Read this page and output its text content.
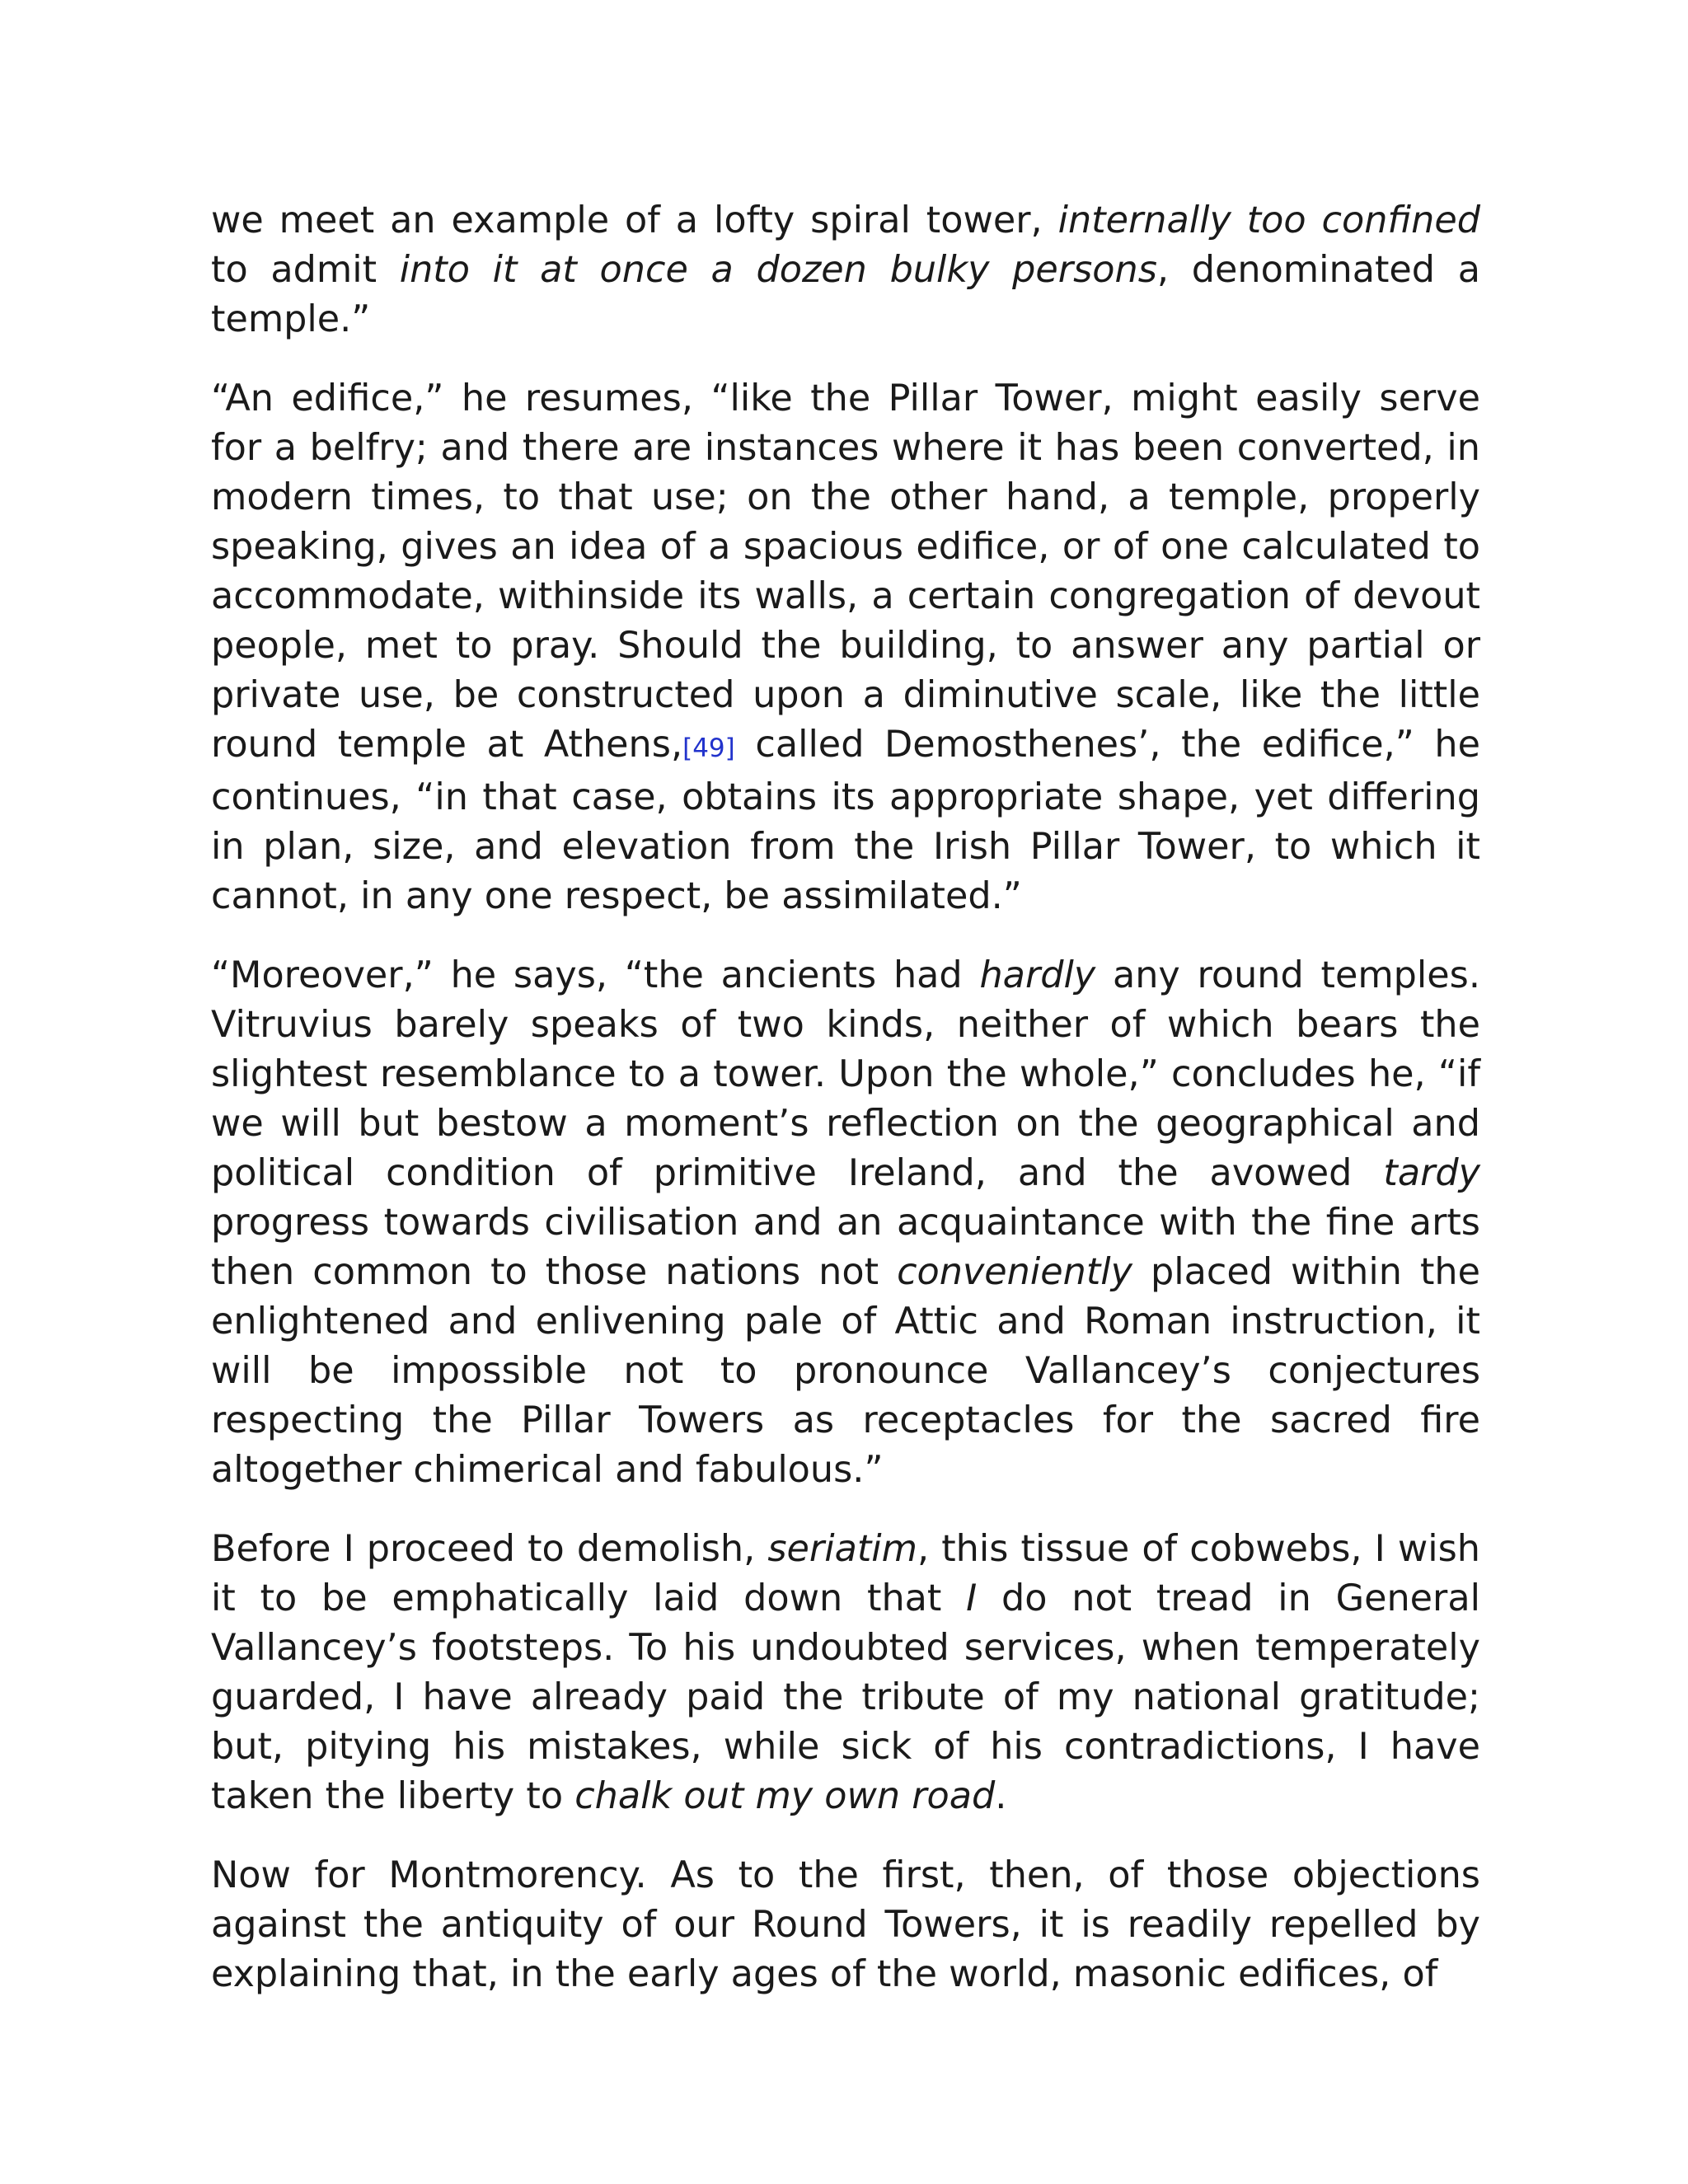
we meet an example of a lofty spiral tower, internally too confined to admit into it at once a dozen bulky persons, denominated a temple.”

“An edifice,” he resumes, “like the Pillar Tower, might easily serve for a belfry; and there are instances where it has been converted, in modern times, to that use; on the other hand, a temple, properly speaking, gives an idea of a spacious edifice, or of one calculated to accommodate, withinside its walls, a certain congregation of devout people, met to pray. Should the building, to answer any partial or private use, be constructed upon a diminutive scale, like the little round temple at Athens,[49] called Demosthenes’, the edifice,” he continues, “in that case, obtains its appropriate shape, yet differing in plan, size, and elevation from the Irish Pillar Tower, to which it cannot, in any one respect, be assimilated.”

“Moreover,” he says, “the ancients had hardly any round temples. Vitruvius barely speaks of two kinds, neither of which bears the slightest resemblance to a tower. Upon the whole,” concludes he, “if we will but bestow a moment’s reflection on the geographical and political condition of primitive Ireland, and the avowed tardy progress towards civilisation and an acquaintance with the fine arts then common to those nations not conveniently placed within the enlightened and enlivening pale of Attic and Roman instruction, it will be impossible not to pronounce Vallancey’s conjectures respecting the Pillar Towers as receptacles for the sacred fire altogether chimerical and fabulous.”

Before I proceed to demolish, seriatim, this tissue of cobwebs, I wish it to be emphatically laid down that I do not tread in General Vallancey’s footsteps. To his undoubted services, when temperately guarded, I have already paid the tribute of my national gratitude; but, pitying his mistakes, while sick of his contradictions, I have taken the liberty to chalk out my own road.

Now for Montmorency. As to the first, then, of those objections against the antiquity of our Round Towers, it is readily repelled by explaining that, in the early ages of the world, masonic edifices, of
